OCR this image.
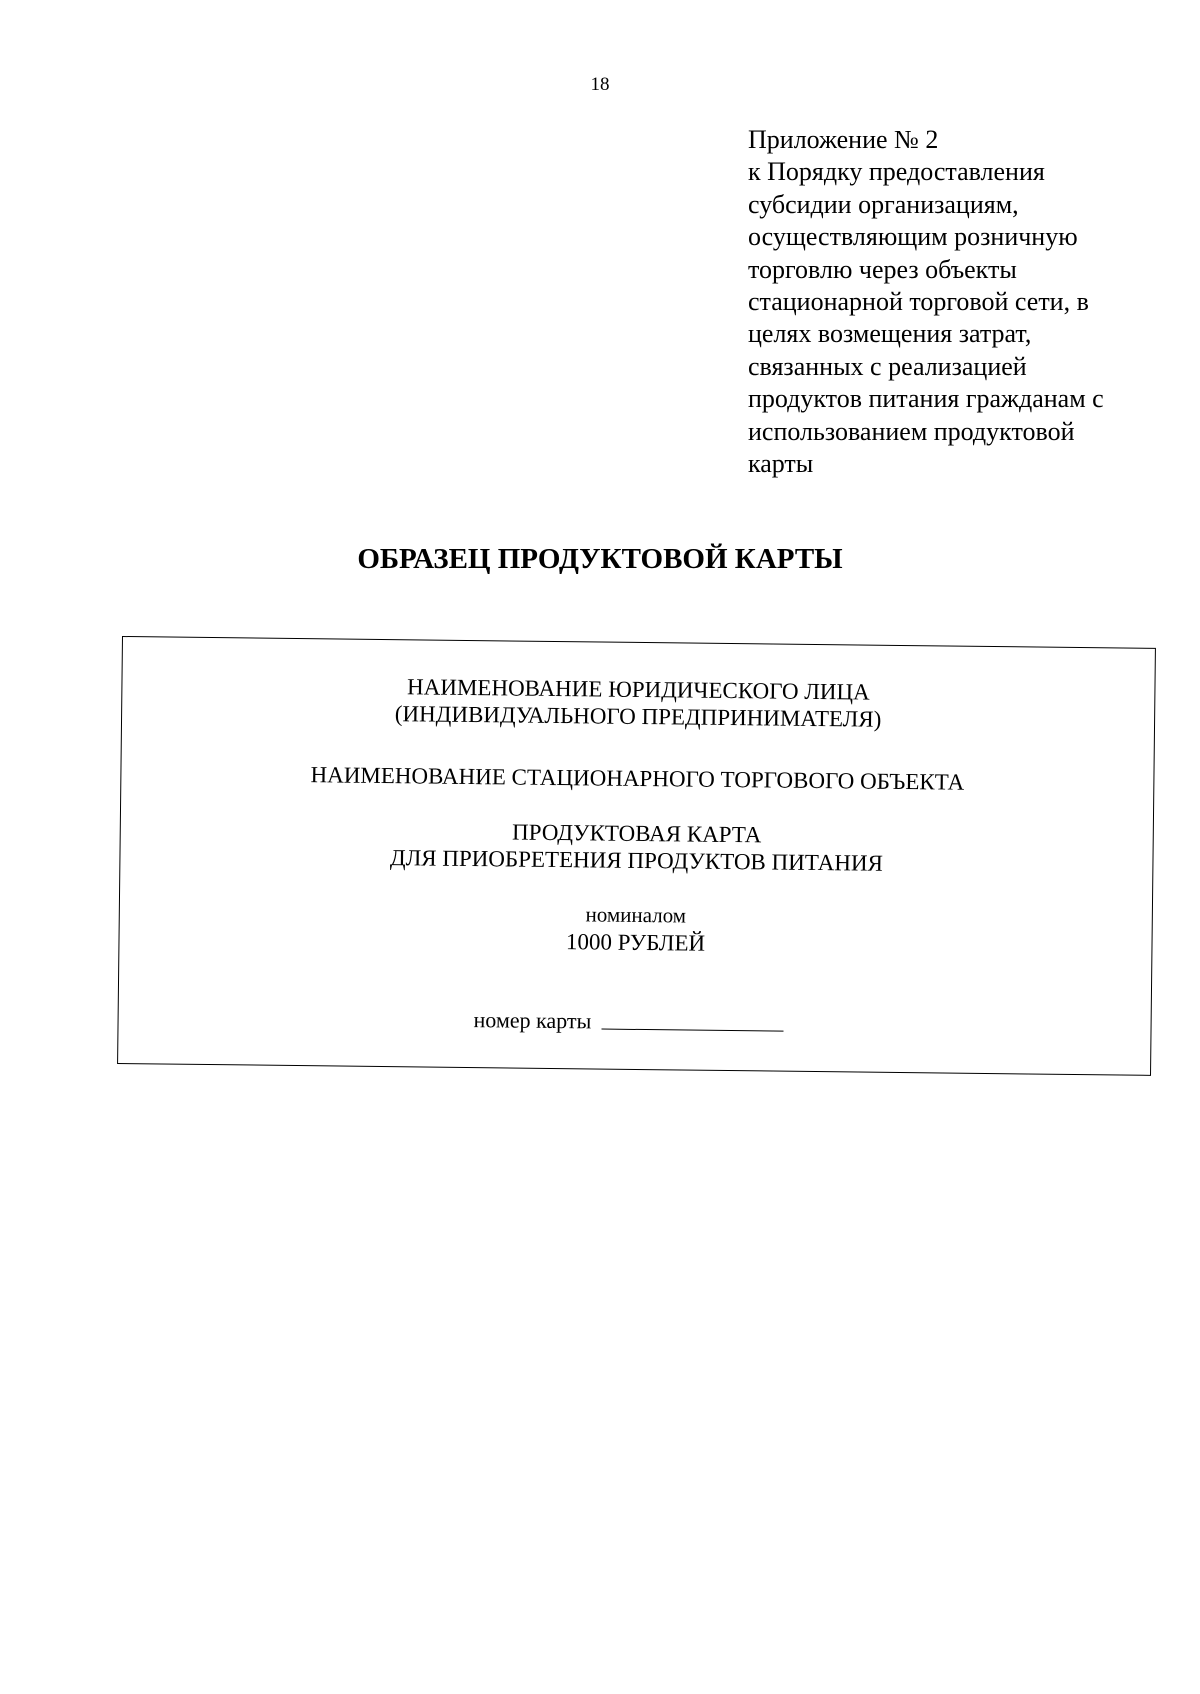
18
Приложение № 2
к Порядку предоставления
субсидии организациям,
осуществляющим розничную
торговлю через объекты
стационарной торговой сети, в
целях возмещения затрат,
связанных с реализацией
продуктов питания гражданам с
использованием продуктовой
карты
ОБРАЗЕЦ ПРОДУКТОВОЙ КАРТЫ
НАИМЕНОВАНИЕ ЮРИДИЧЕСКОГО ЛИЦА
(ИНДИВИДУАЛЬНОГО ПРЕДПРИНИМАТЕЛЯ)
НАИМЕНОВАНИЕ СТАЦИОНАРНОГО ТОРГОВОГО ОБЪЕКТА
ПРОДУКТОВАЯ КАРТА
ДЛЯ ПРИОБРЕТЕНИЯ ПРОДУКТОВ ПИТАНИЯ
номиналом
1000 РУБЛЕЙ
номер карты
